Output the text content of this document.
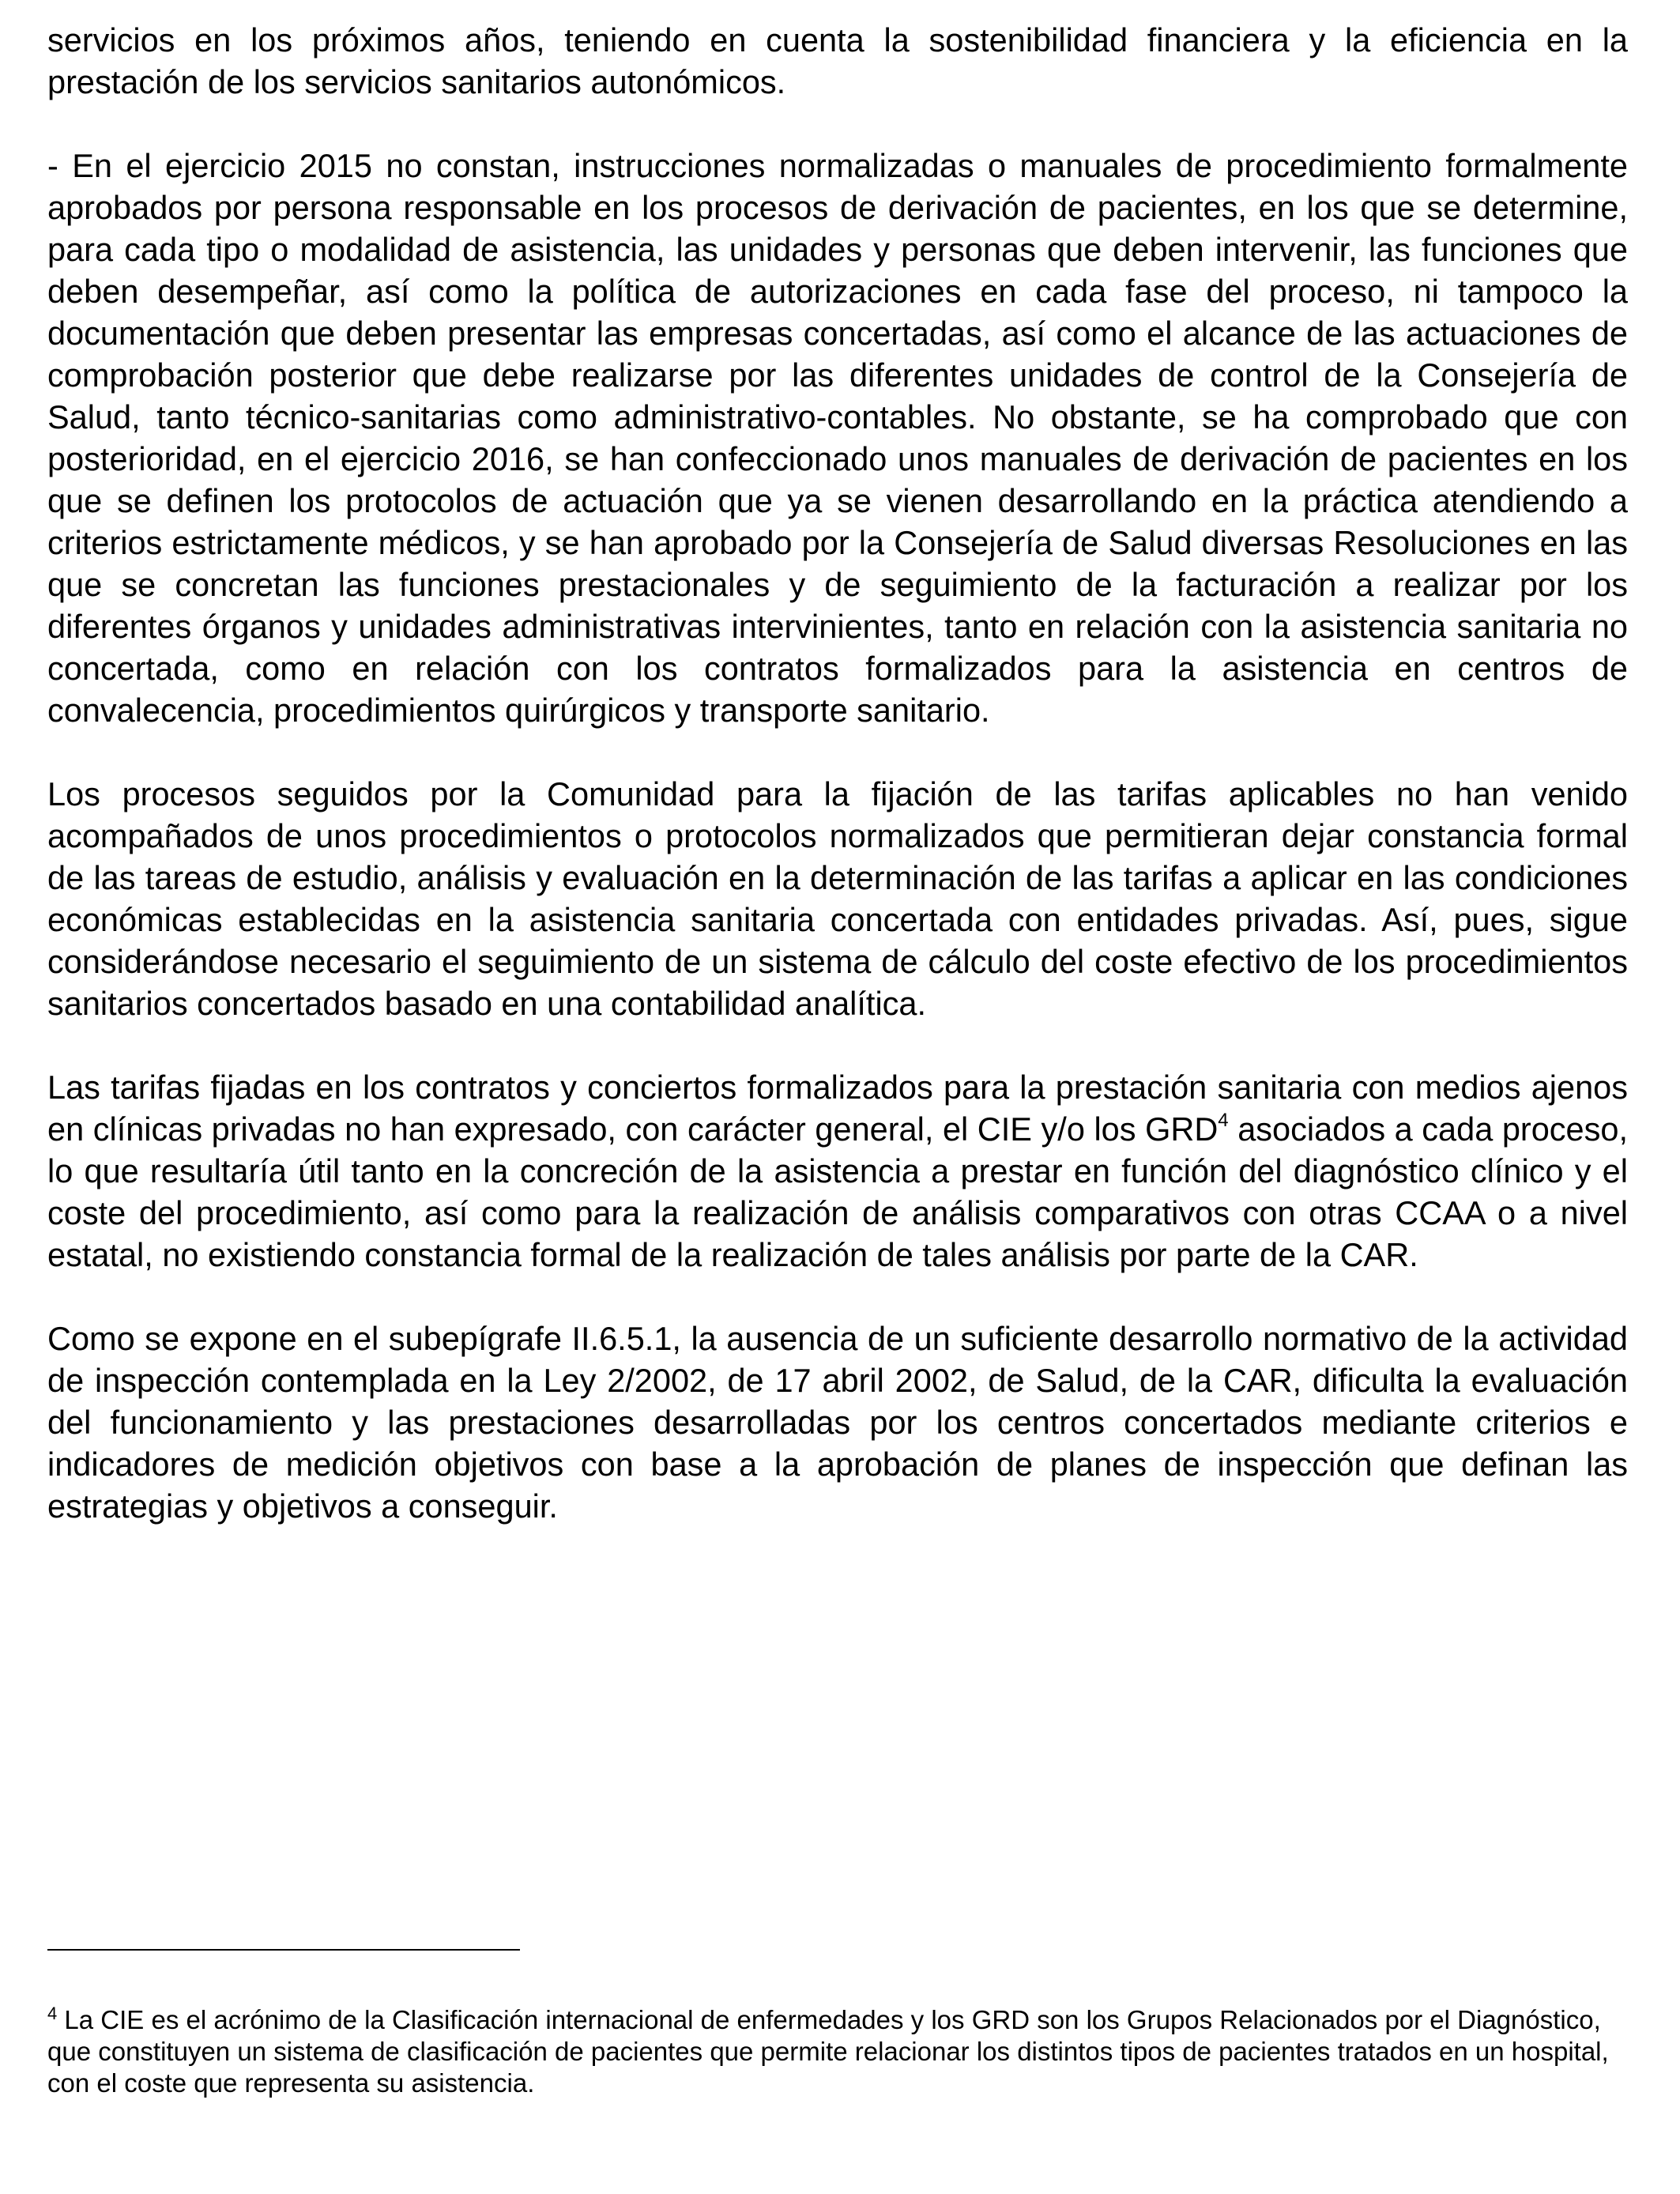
servicios en los próximos años, teniendo en cuenta la sostenibilidad financiera y la eficiencia en la prestación de los servicios sanitarios autonómicos.

- En el ejercicio 2015 no constan, instrucciones normalizadas o manuales de procedimiento formalmente aprobados por persona responsable en los procesos de derivación de pacientes, en los que se determine, para cada tipo o modalidad de asistencia, las unidades y personas que deben intervenir, las funciones que deben desempeñar, así como la política de autorizaciones en cada fase del proceso, ni tampoco la documentación que deben presentar las empresas concertadas, así como el alcance de las actuaciones de comprobación posterior que debe realizarse por las diferentes unidades de control de la Consejería de Salud, tanto técnico-sanitarias como administrativo-contables. No obstante, se ha comprobado que con posterioridad, en el ejercicio 2016, se han confeccionado unos manuales de derivación de pacientes en los que se definen los protocolos de actuación que ya se vienen desarrollando en la práctica atendiendo a criterios estrictamente médicos, y se han aprobado por la Consejería de Salud diversas Resoluciones en las que se concretan las funciones prestacionales y de seguimiento de la facturación a realizar por los diferentes órganos y unidades administrativas intervinientes, tanto en relación con la asistencia sanitaria no concertada, como en relación con los contratos formalizados para la asistencia en centros de convalecencia, procedimientos quirúrgicos y transporte sanitario.

Los procesos seguidos por la Comunidad para la fijación de las tarifas aplicables no han venido acompañados de unos procedimientos o protocolos normalizados que permitieran dejar constancia formal de las tareas de estudio, análisis y evaluación en la determinación de las tarifas a aplicar en las condiciones económicas establecidas en la asistencia sanitaria concertada con entidades privadas. Así, pues, sigue considerándose necesario el seguimiento de un sistema de cálculo del coste efectivo de los procedimientos sanitarios concertados basado en una contabilidad analítica.

Las tarifas fijadas en los contratos y conciertos formalizados para la prestación sanitaria con medios ajenos en clínicas privadas no han expresado, con carácter general, el CIE y/o los GRD$^4$ asociados a cada proceso, lo que resultaría útil tanto en la concreción de la asistencia a prestar en función del diagnóstico clínico y el coste del procedimiento, así como para la realización de análisis comparativos con otras CCAA o a nivel estatal, no existiendo constancia formal de la realización de tales análisis por parte de la CAR.

Como se expone en el subepígrafe II.6.5.1, la ausencia de un suficiente desarrollo normativo de la actividad de inspección contemplada en la Ley 2/2002, de 17 abril 2002, de Salud, de la CAR, dificulta la evaluación del funcionamiento y las prestaciones desarrolladas por los centros concertados mediante criterios e indicadores de medición objetivos con base a la aprobación de planes de inspección que definan las estrategias y objetivos a conseguir.

$^4$ La CIE es el acrónimo de la Clasificación internacional de enfermedades y los GRD son los Grupos Relacionados por el Diagnóstico, que constituyen un sistema de clasificación de pacientes que permite relacionar los distintos tipos de pacientes tratados en un hospital, con el coste que representa su asistencia.
